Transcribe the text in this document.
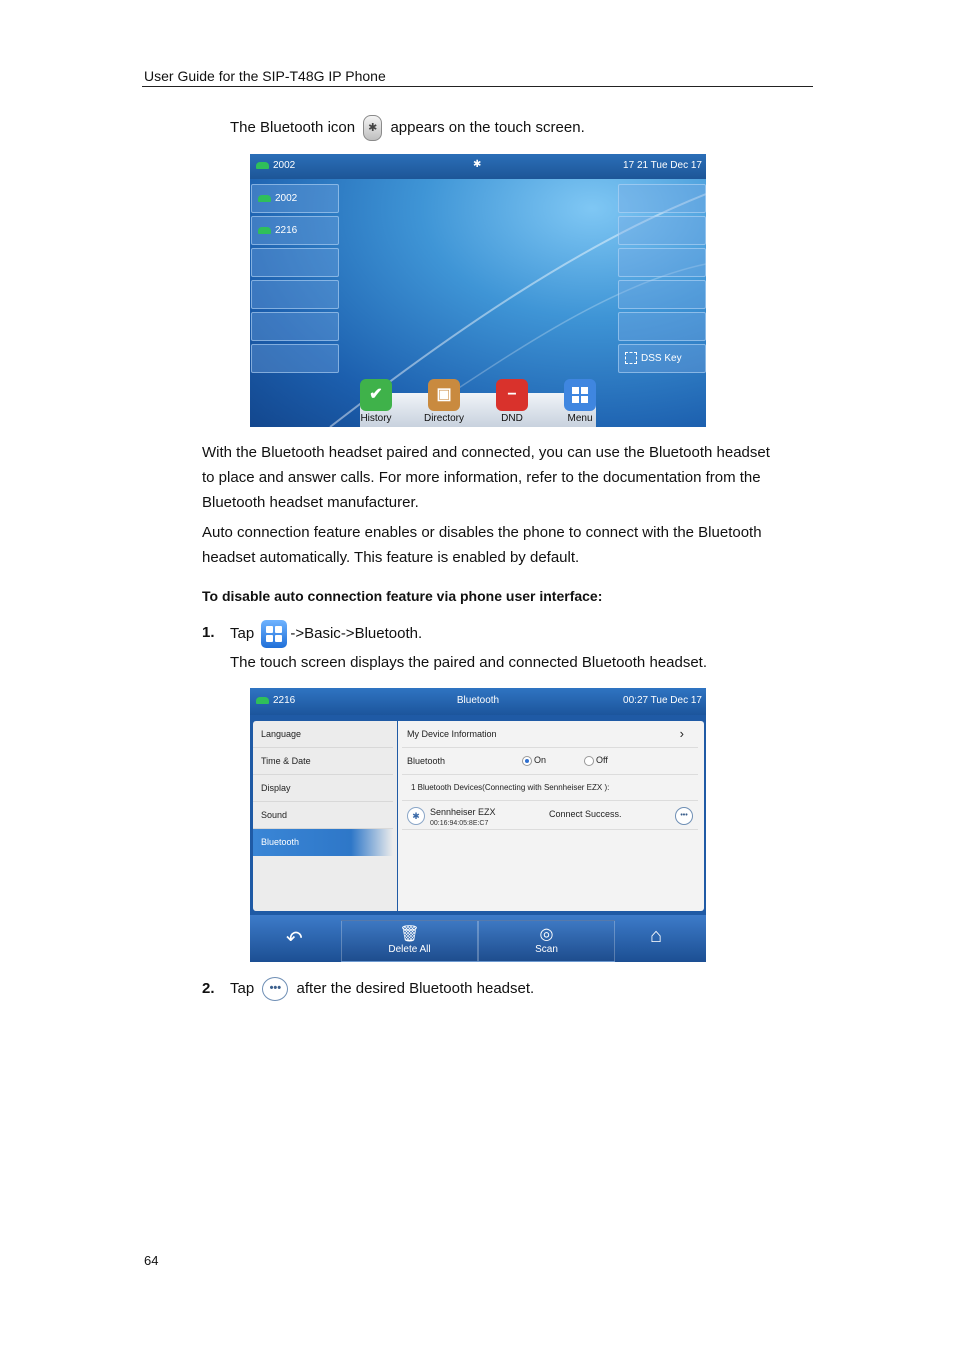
User Guide for the SIP-T48G IP Phone
The Bluetooth icon ✱ appears on the touch screen.
2002	✱	17 21 Tue Dec 17
2002
2216
DSS Key
✔
History
▣
Directory
−
DND	Menu
With the Bluetooth headset paired and connected, you can use the Bluetooth headset
to place and answer calls. For more information, refer to the documentation from the
Bluetooth headset manufacturer.
Auto connection feature enables or disables the phone to connect with the Bluetooth
headset automatically. This feature is enabled by default.
To disable auto connection feature via phone user interface:
1. Tap ->Basic->Bluetooth.
The touch screen displays the paired and connected Bluetooth headset.
2216	Bluetooth	00:27 Tue Dec 17
Language
Time & Date
Display
Sound
Bluetooth
My Device Information	›
Bluetooth	On	Off
1 Bluetooth Devices(Connecting with Sennheiser EZX ):
✱	Sennheiser EZX
00:16:94:05:8E:C7
Connect Success.	•••
↶	🗑
Delete All
◎
Scan
⌂
2. Tap ••• after the desired Bluetooth headset.
64
